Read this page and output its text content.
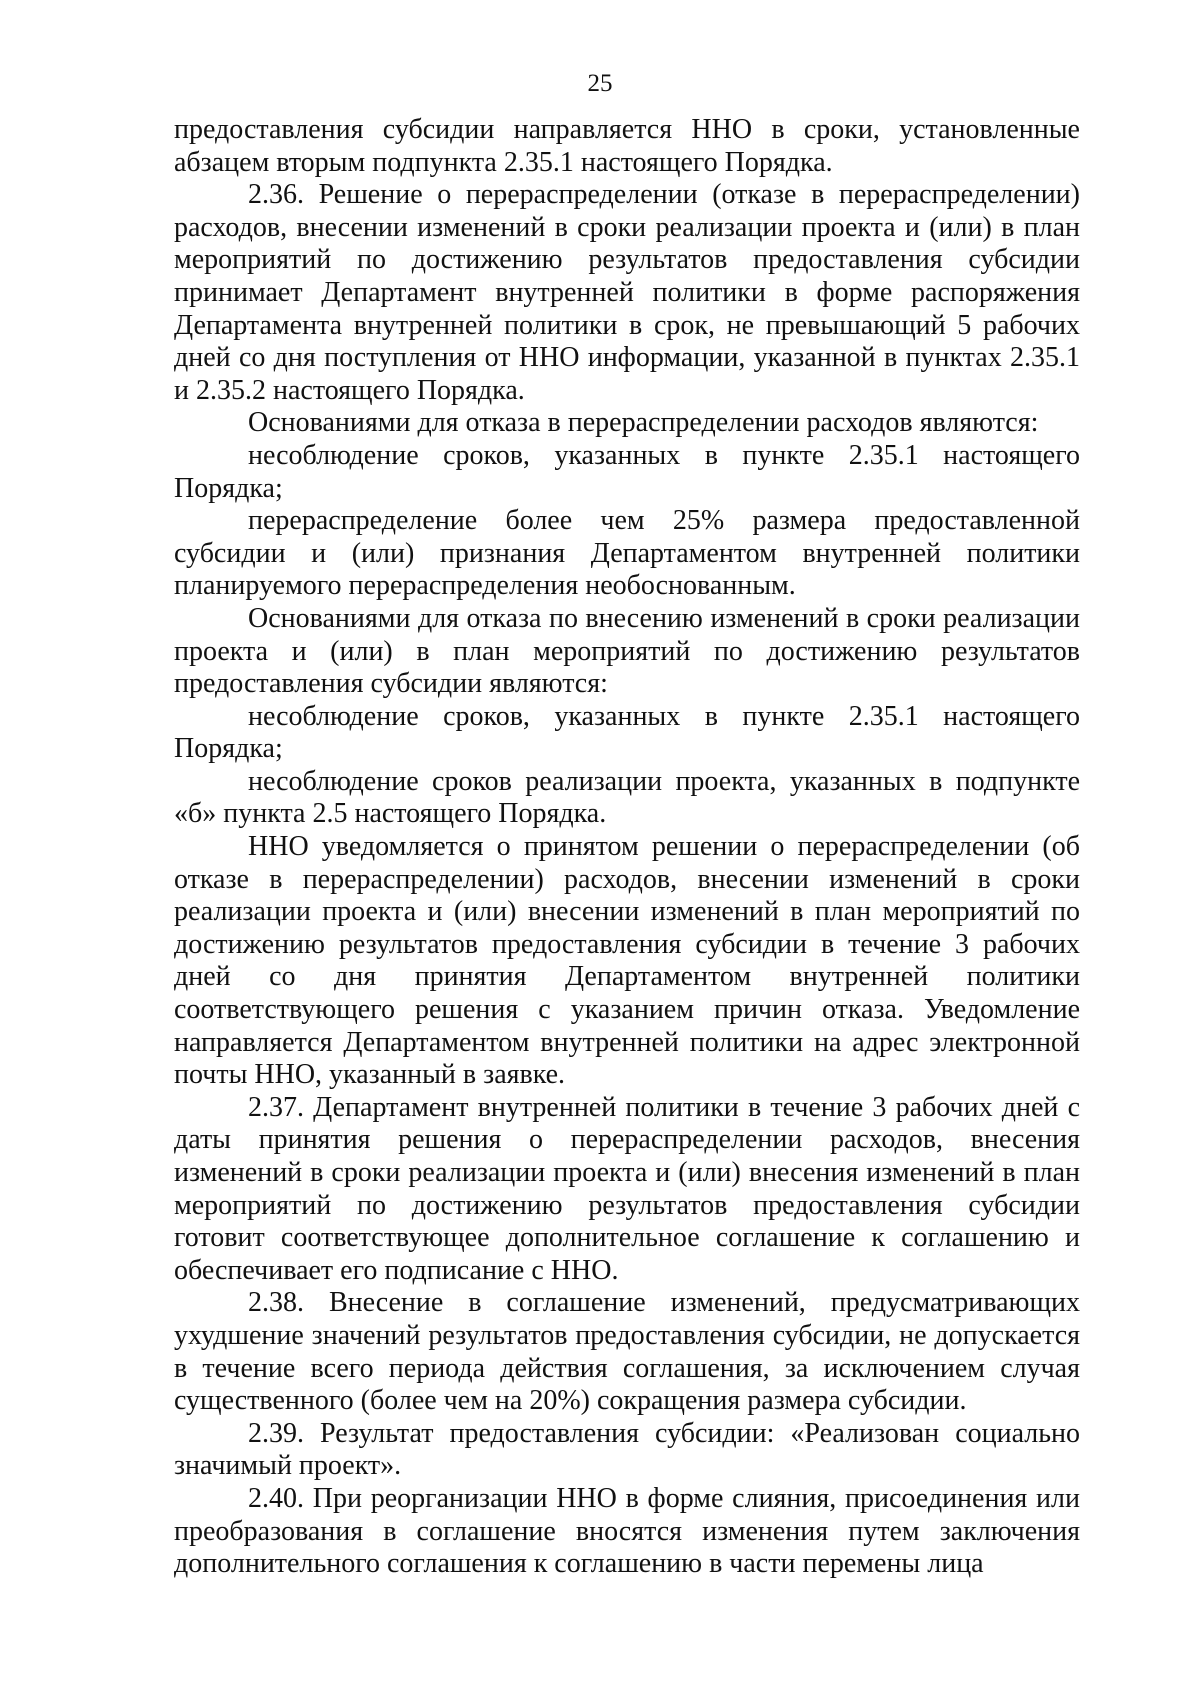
25

предоставления субсидии направляется ННО в сроки, установленные абзацем вторым подпункта 2.35.1 настоящего Порядка.

2.36. Решение о перераспределении (отказе в перераспределении) расходов, внесении изменений в сроки реализации проекта и (или) в план мероприятий по достижению результатов предоставления субсидии принимает Департамент внутренней политики в форме распоряжения Департамента внутренней политики в срок, не превышающий 5 рабочих дней со дня поступления от ННО информации, указанной в пунктах 2.35.1 и 2.35.2 настоящего Порядка.

Основаниями для отказа в перераспределении расходов являются:

несоблюдение сроков, указанных в пункте 2.35.1 настоящего Порядка;

перераспределение более чем 25% размера предоставленной субсидии и (или) признания Департаментом внутренней политики планируемого перераспределения необоснованным.

Основаниями для отказа по внесению изменений в сроки реализации проекта и (или) в план мероприятий по достижению результатов предоставления субсидии являются:

несоблюдение сроков, указанных в пункте 2.35.1 настоящего Порядка;

несоблюдение сроков реализации проекта, указанных в подпункте «б» пункта 2.5 настоящего Порядка.

ННО уведомляется о принятом решении о перераспределении (об отказе в перераспределении) расходов, внесении изменений в сроки реализации проекта и (или) внесении изменений в план мероприятий по достижению результатов предоставления субсидии в течение 3 рабочих дней со дня принятия Департаментом внутренней политики соответствующего решения с указанием причин отказа. Уведомление направляется Департаментом внутренней политики на адрес электронной почты ННО, указанный в заявке.

2.37. Департамент внутренней политики в течение 3 рабочих дней с даты принятия решения о перераспределении расходов, внесения изменений в сроки реализации проекта и (или) внесения изменений в план мероприятий по достижению результатов предоставления субсидии готовит соответствующее дополнительное соглашение к соглашению и обеспечивает его подписание с ННО.

2.38. Внесение в соглашение изменений, предусматривающих ухудшение значений результатов предоставления субсидии, не допускается в течение всего периода действия соглашения, за исключением случая существенного (более чем на 20%) сокращения размера субсидии.

2.39. Результат предоставления субсидии: «Реализован социально значимый проект».

2.40. При реорганизации ННО в форме слияния, присоединения или преобразования в соглашение вносятся изменения путем заключения дополнительного соглашения к соглашению в части перемены лица
